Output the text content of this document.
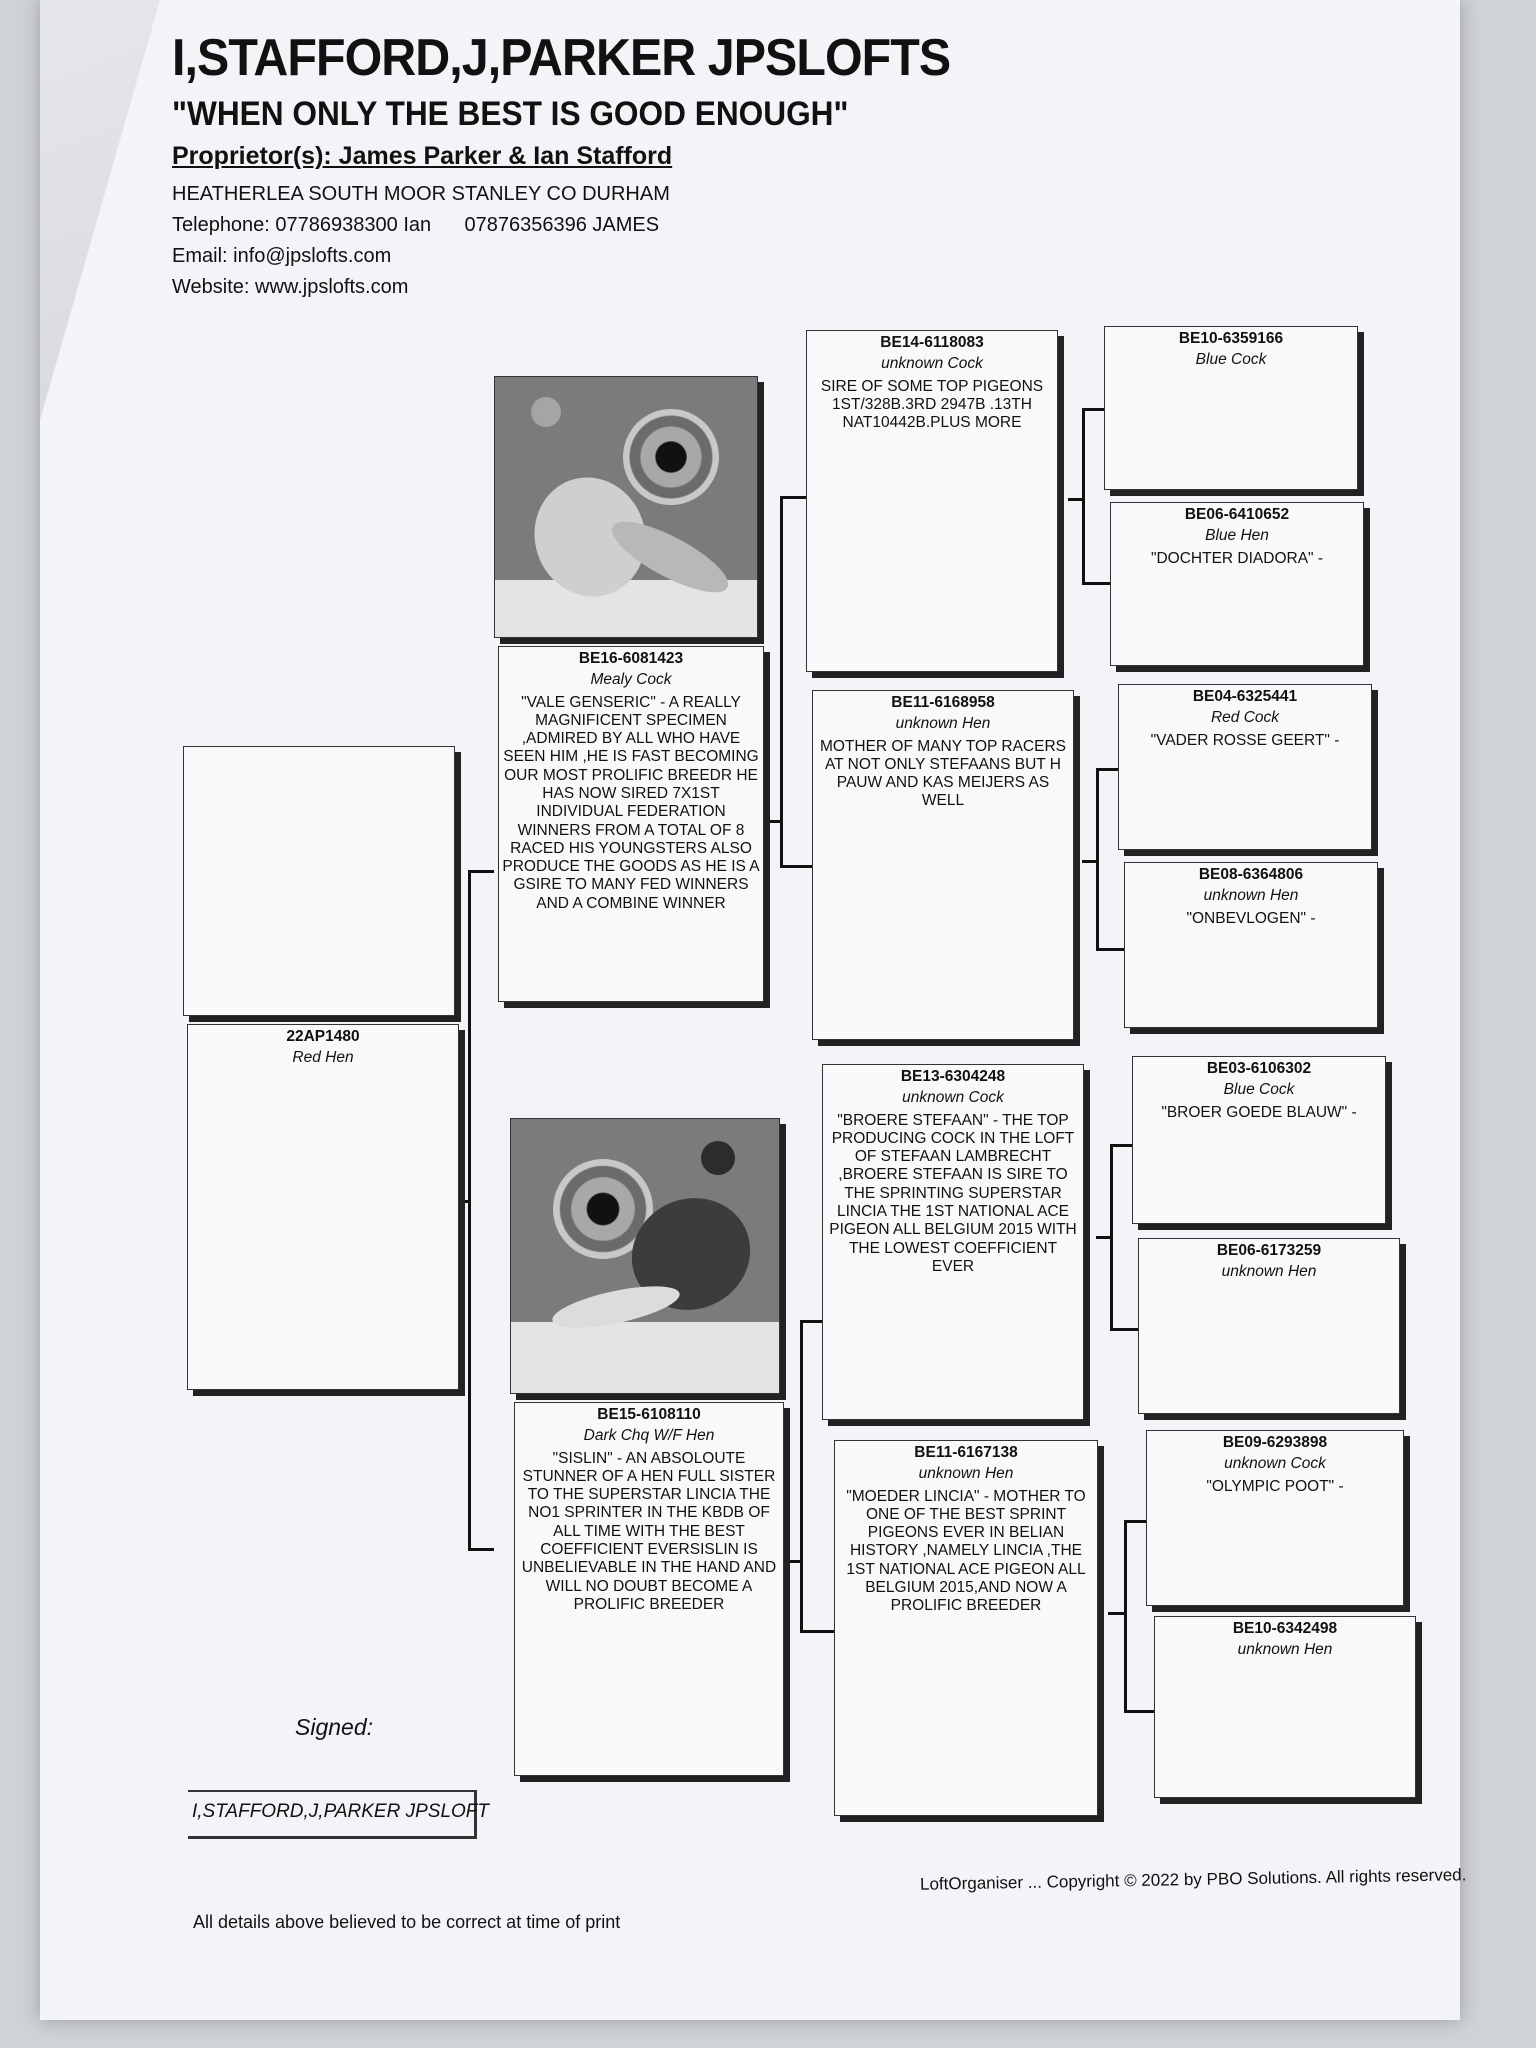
I,STAFFORD,J,PARKER JPSLOFTS
"WHEN ONLY THE BEST IS GOOD ENOUGH"
Proprietor(s): James Parker & Ian Stafford
HEATHERLEA SOUTH MOOR STANLEY CO DURHAM
Telephone: 07786938300 Ian      07876356396 JAMES
Email: info@jpslofts.com
Website: www.jpslofts.com
22AP1480
Red Hen
BE16-6081423
Mealy Cock
"VALE GENSERIC" - A REALLY MAGNIFICENT SPECIMEN ,ADMIRED BY ALL WHO HAVE SEEN HIM ,HE IS FAST BECOMING OUR MOST PROLIFIC BREEDR HE HAS NOW SIRED 7X1ST INDIVIDUAL FEDERATION WINNERS FROM A TOTAL OF 8 RACED HIS YOUNGSTERS ALSO PRODUCE THE GOODS AS HE IS A GSIRE TO MANY FED WINNERS AND A COMBINE WINNER
BE15-6108110
Dark Chq W/F Hen
"SISLIN" - AN ABSOLOUTE STUNNER OF A HEN FULL SISTER TO THE SUPERSTAR LINCIA THE NO1 SPRINTER IN THE KBDB OF ALL TIME WITH THE BEST COEFFICIENT EVERSISLIN IS UNBELIEVABLE IN THE HAND AND WILL NO DOUBT BECOME A PROLIFIC BREEDER
BE14-6118083
unknown Cock
SIRE OF SOME TOP PIGEONS 1ST/328B.3RD 2947B .13TH NAT10442B.PLUS MORE
BE11-6168958
unknown Hen
MOTHER OF MANY TOP RACERS AT NOT ONLY STEFAANS BUT H PAUW AND KAS MEIJERS AS WELL
BE13-6304248
unknown Cock
"BROERE STEFAAN" - THE TOP PRODUCING COCK IN THE LOFT OF STEFAAN LAMBRECHT ,BROERE STEFAAN IS SIRE TO THE SPRINTING SUPERSTAR LINCIA THE 1ST NATIONAL ACE PIGEON ALL BELGIUM 2015 WITH THE LOWEST COEFFICIENT EVER
BE11-6167138
unknown Hen
"MOEDER LINCIA" - MOTHER TO ONE OF THE BEST SPRINT PIGEONS EVER IN BELIAN HISTORY ,NAMELY LINCIA ,THE 1ST NATIONAL ACE PIGEON ALL BELGIUM 2015,AND NOW A PROLIFIC BREEDER
BE10-6359166
Blue Cock
BE06-6410652
Blue Hen
"DOCHTER DIADORA" -
BE04-6325441
Red Cock
"VADER ROSSE GEERT" -
BE08-6364806
unknown Hen
"ONBEVLOGEN" -
BE03-6106302
Blue Cock
"BROER GOEDE BLAUW" -
BE06-6173259
unknown Hen
BE09-6293898
unknown Cock
"OLYMPIC POOT" -
BE10-6342498
unknown Hen
Signed:
I,STAFFORD,J,PARKER JPSLOFT
All details above believed to be correct at time of print
LoftOrganiser ... Copyright © 2022 by PBO Solutions. All rights reserved.
